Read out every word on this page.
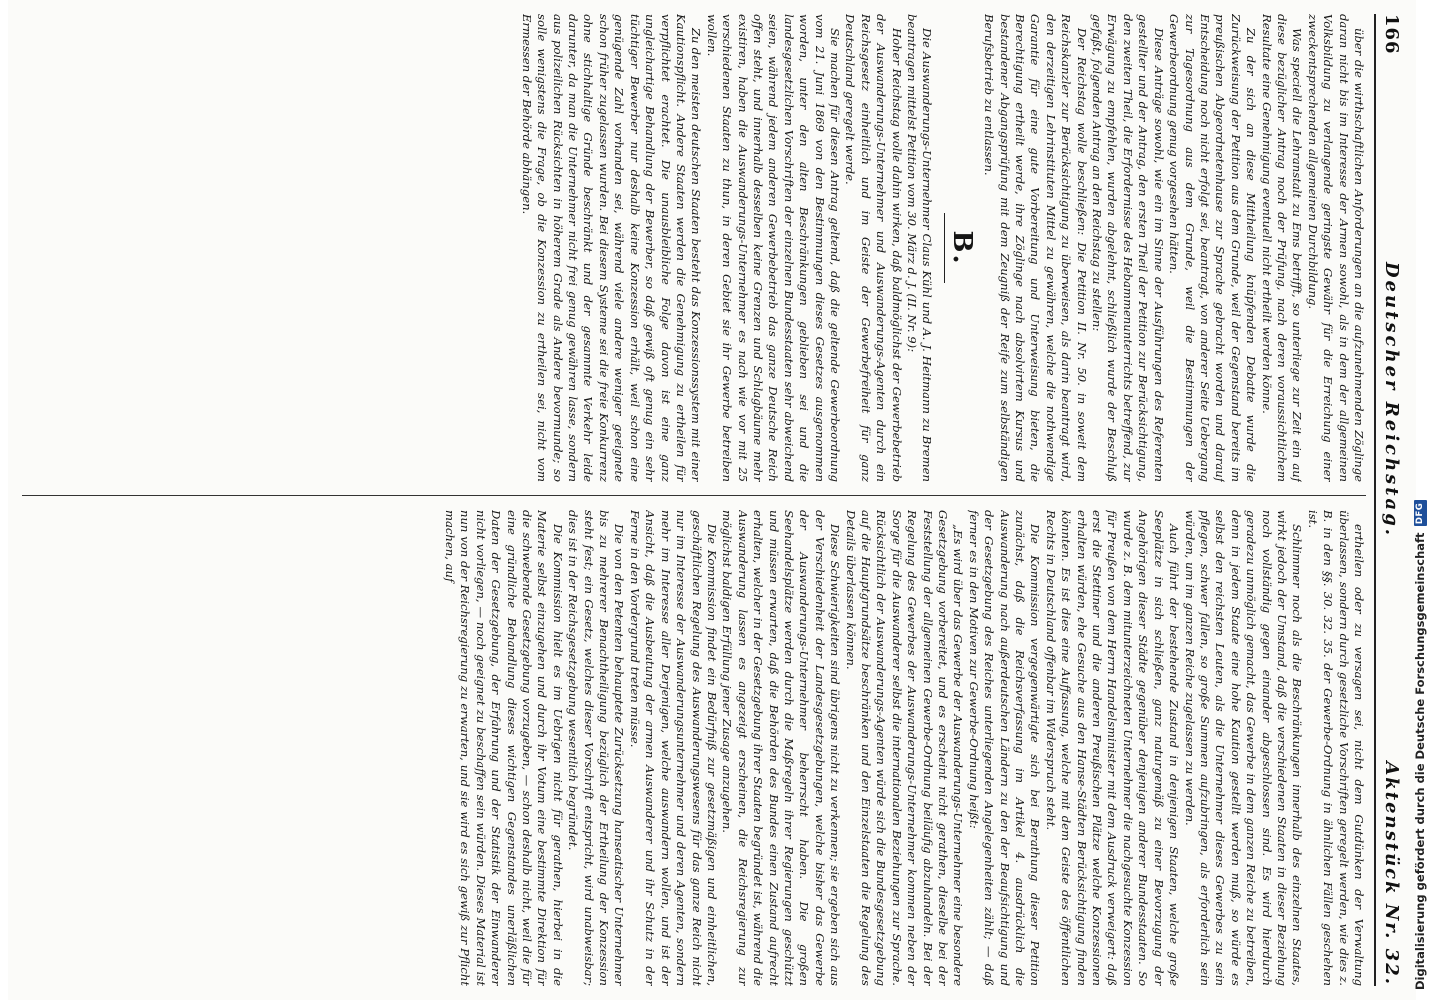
166
Deutscher Reichstag.
Aktenstück Nr. 32.

über die wirthschaftlichen Anforderungen an die aufzunehmenden Zöglinge daran nicht bis im Interesse der Armen sowohl, als in dem der allgemeinen Volksbildung zu verlangende geringste Gewähr für die Erreichung einer zweckentsprechenden allgemeinen Durchbildung.

Was speciell die Lehranstalt zu Ems betrifft, so unterliege zur Zeit ein auf diese bezüglicher Antrag noch der Prüfung, nach deren voraussichtlichem Resultate eine Genehmigung eventuell nicht ertheilt werden könne.

Zu der sich an diese Mittheilung knüpfenden Debatte wurde die Zurückweisung der Petition aus dem Grunde, weil der Gegenstand bereits im preußischen Abgeordnetenhause zur Sprache gebracht worden und darauf Entscheidung noch nicht erfolgt sei, beantragt, von anderer Seite Uebergang zur Tagesordnung aus dem Grunde, weil die Bestimmungen der Gewerbeordnung genug vorgesehen hätten.

Diese Anträge sowohl, wie ein im Sinne der Ausführungen des Referenten gestellter und der Antrag, den ersten Theil der Petition zur Berücksichtigung, den zweiten Theil, die Erfordernisse des Hebammenunterrichts betreffend, zur Erwägung zu empfehlen, wurden abgelehnt, schließlich wurde der Beschluß gefaßt, folgenden Antrag an den Reichstag zu stellen:

Der Reichstag wolle beschließen: Die Petition II. Nr. 50. in soweit dem Reichskanzler zur Berücksichtigung zu überweisen, als darin beantragt wird, den derzeitigen Lehrinstituten Mittel zu gewähren, welche die nothwendige Garantie für eine gute Vorbereitung und Unterweisung bieten, die Berechtigung ertheilt werde, ihre Zöglinge nach absolvirtem Kursus und bestandener Abgangsprüfung mit dem Zeugniß der Reife zum selbständigen Berufsbetrieb zu entlassen.

B.

Die Auswanderungs-Unternehmer Claus Kühl und A. J. Heitmann zu Bremen beantragen mittelst Petition vom 30. März d. J. (II. Nr. 9):

Hoher Reichstag wolle dahin wirken, daß baldmöglichst der Gewerbebetrieb der Auswanderungs-Unternehmer und Auswanderungs-Agenten durch ein Reichsgesetz einheitlich und im Geiste der Gewerbefreiheit für ganz Deutschland geregelt werde.

Sie machen für diesen Antrag geltend, daß die geltende Gewerbeordnung vom 21. Juni 1869 von den Bestimmungen dieses Gesetzes ausgenommen worden, unter den alten Beschränkungen geblieben sei und die landesgesetzlichen Vorschriften der einzelnen Bundesstaaten sehr abweichend seien, während jedem anderen Gewerbebetrieb das ganze Deutsche Reich offen steht, und innerhalb desselben keine Grenzen und Schlagbäume mehr existiren, haben die Auswanderungs-Unternehmer es nach wie vor mit 25 verschiedenen Staaten zu thun, in deren Gebiet sie ihr Gewerbe betreiben wollen.

Zu den meisten deutschen Staaten besteht das Konzessionssystem mit einer Kautionspflicht. Andere Staaten werden die Genehmigung zu ertheilen für verpflichtet erachtet. Die unausbleibliche Folge davon ist eine ganz ungleichartige Behandlung der Bewerber, so daß gewiß oft genug ein sehr tüchtiger Bewerber nur deshalb keine Konzession erhält, weil schon eine genügende Zahl vorhanden sei, während viele andere weniger geeignete schon früher zugelassen wurden. Bei diesem Systeme sei die freie Konkurrenz ohne stichhaltige Gründe beschränkt und der gesammte Verkehr leide darunter, da man die Unternehmer nicht frei genug gewähren lasse, sondern aus polizeilichen Rücksichten in höherem Grade als Andere bevormunde; so solle wenigstens die Frage, ob die Konzession zu ertheilen sei, nicht vom Ermessen der Behörde abhängen.

ertheilen oder zu versagen sei, nicht dem Gutdünken der Verwaltung überlassen, sondern durch gesetzliche Vorschriften geregelt werden, wie dies z. B. in den §§. 30. 32. 35. der Gewerbe-Ordnung in ähnlichen Fällen geschehen ist.

Schlimmer noch als die Beschränkungen innerhalb des einzelnen Staates, wirkt jedoch der Umstand, daß die verschiedenen Staaten in dieser Beziehung noch vollständig gegen einander abgeschlossen sind. Es wird hierdurch geradezu unmöglich gemacht, das Gewerbe in dem ganzen Reiche zu betreiben, denn in jedem Staate eine hohe Kaution gestellt werden muß, so würde es selbst den reichsten Leuten, als die Unternehmer dieses Gewerbes zu sein pflegen, schwer fallen, so große Summen aufzubringen, als erforderlich sein würden, um im ganzen Reiche zugelassen zu werden.

Auch führt der bestehende Zustand in denjenigen Staaten, welche große Seeplätze in sich schließen, ganz naturgemäß zu einer Bevorzugung der Angehörigen dieser Städte gegenüber denjenigen anderer Bundesstaaten. So wurde z. B. dem mitunterzeichneten Unternehmer die nachgesuchte Konzession für Preußen von dem Herrn Handelsminister mit dem Ausdruck verweigert: daß erst die Stettiner und die anderen Preußischen Plätze welche Konzessionen erhalten würden, ehe Gesuche aus den Hanse-Städten Berücksichtigung finden könnten. Es ist dies eine Auffassung, welche mit dem Geiste des öffentlichen Rechts in Deutschland offenbar im Widerspruch steht.

Die Kommission vergegenwärtigte sich bei Berathung dieser Petition zunächst, daß die Reichsverfassung im Artikel 4. ausdrücklich die Auswanderung nach außerdeutschen Ländern zu den der Beaufsichtigung und der Gesetzgebung des Reiches unterliegenden Angelegenheiten zählt; — daß ferner es in den Motiven zur Gewerbe-Ordnung heißt:

„Es wird über das Gewerbe der Auswanderungs-Unternehmer eine besondere Gesetzgebung vorbereitet, und es erscheint nicht gerathen, dieselbe bei der Feststellung der allgemeinen Gewerbe-Ordnung beiläufig abzuhandeln. Bei der Regelung des Gewerbes der Auswanderungs-Unternehmer kommen neben der Sorge für die Auswanderer selbst die internationalen Beziehungen zur Sprache. Rücksichtlich der Auswanderungs-Agenten würde sich die Bundesgesetzgebung auf die Hauptgrundsätze beschränken und den Einzelstaaten die Regelung des Details überlassen können.

Diese Schwierigkeiten sind übrigens nicht zu verkennen; sie ergeben sich aus der Verschiedenheit der Landesgesetzgebungen, welche bisher das Gewerbe der Auswanderungs-Unternehmer beherrscht haben. Die großen Seehandelsplätze werden durch die Maßregeln ihrer Regierungen geschützt und müssen erwarten, daß die Behörden des Bundes einen Zustand aufrecht erhalten, welcher in der Gesetzgebung ihrer Staaten begründet ist, während die Auswanderung lassen es angezeigt erscheinen, die Reichsregierung zur möglichst baldigen Erfüllung jener Zusage anzugehen.

Die Kommission findet ein Bedürfniß zur gesetzmäßigen und einheitlichen, geschäftlichen Regelung des Auswanderungswesens für das ganze Reich nicht nur im Interesse der Auswanderungsunternehmer und deren Agenten, sondern mehr im Interesse aller Derjenigen, welche auswandern wollen, und ist der Ansicht, daß die Ausbeutung der armen Auswanderer und ihr Schutz in der Ferne in den Vordergrund treten müsse.

Die von den Petenten behauptete Zurücksetzung hanseatischer Unternehmer bis zu mehrerer Benachtheiligung bezüglich der Ertheilung der Konzession steht fest; ein Gesetz, welches dieser Vorschrift entspricht, wird unabweisbar; dies ist in der Reichsgesetzgebung wesentlich begründet.

Die Kommission hielt es im Uebrigen nicht für gerathen, hierbei in die Materie selbst einzugehen und durch ihr Votum eine bestimmte Direktion für die schwebende Gesetzgebung vorzugeben, — schon deshalb nicht, weil die für eine gründliche Behandlung dieses wichtigen Gegenstandes unerläßlichen Daten der Gesetzgebung, der Erfahrung und der Statistik der Einwanderer nicht vorliegen, — noch geeignet zu beschaffen sein würden. Dieses Material ist nun von der Reichsregierung zu erwarten, und sie wird es sich gewiß zur Pflicht machen, auf	Digitalisierung gefördert durch die Deutsche Forschungsgemeinschaft
DFG
